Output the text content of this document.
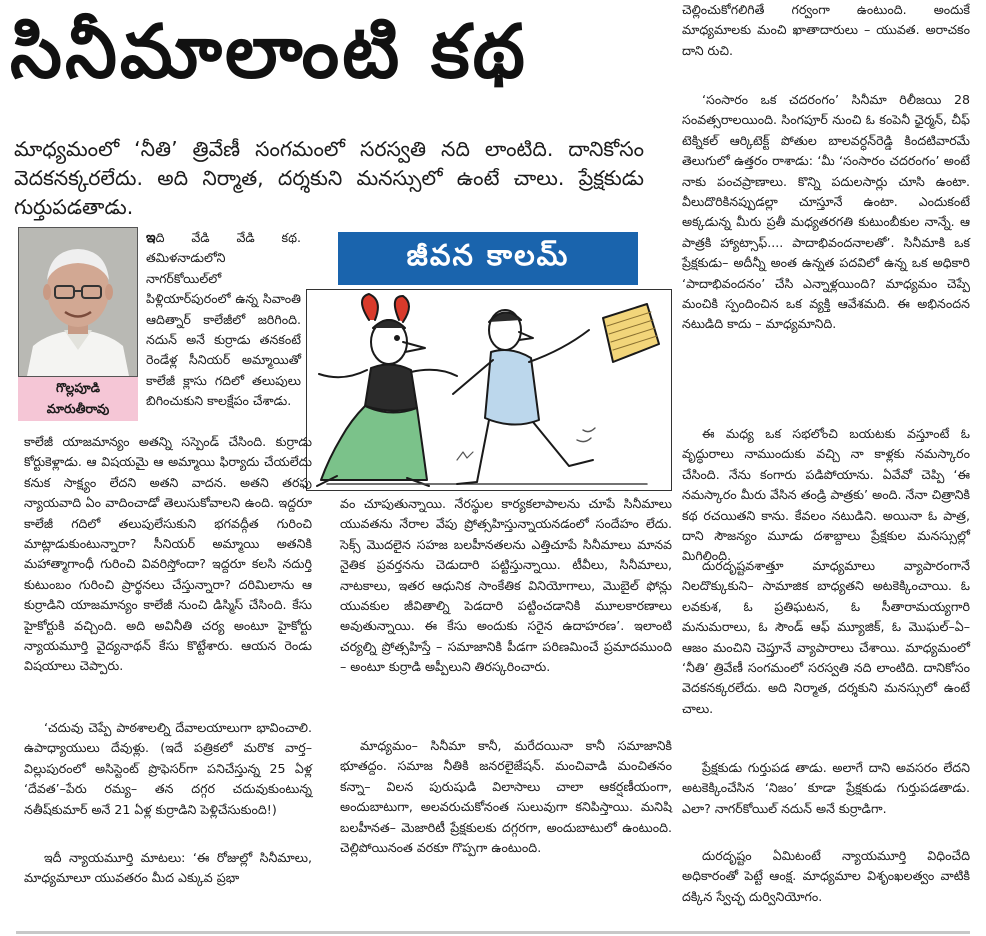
సినీమాలాంటి కథ

మాధ్యమంలో ‘నీతి’ త్రివేణీ సంగమంలో సరస్వతి నది లాంటిది. దానికోసం వెదకనక్కరలేదు. అది నిర్మాత, దర్శకుని మనస్సులో ఉంటే చాలు. ప్రేక్షకుడు గుర్తుపడతాడు.

గొల్లపూడి
మారుతీరావు
జీవన కాలమ్

ఇ ది వేడి వేడి కథ. తమిళనాడులోని నాగర్‌కోయిల్‌లో పిళ్లియార్‌పురంలో ఉన్న సివాంతి ఆదిత్నార్ కాలేజీలో జరిగింది. నదున్ అనే కుర్రాడు తనకంటే రెండేళ్ల సీనియర్ అమ్మాయితో కాలేజీ క్లాసు గదిలో తలుపులు బిగించుకుని కాలక్షేపం చేశాడు.

కాలేజీ యాజమాన్యం అతన్ని సస్పెండ్ చేసింది. కుర్రాడు కోర్టుకెళ్లాడు. ఆ విషయమై ఆ అమ్మాయి ఫిర్యాదు చేయలేదు కనుక సాక్ష్యం లేదని అతని వాదన. అతని తరఫు న్యాయవాది ఏం వాదించాడో తెలుసుకోవాలని ఉంది. ఇద్దరూ కాలేజీ గదిలో తలుపులేసుకుని భగవద్గీత గురించి మాట్లాడుకుంటున్నారా? సీనియర్ అమ్మాయి అతనికి మహాత్మాగాంధీ గురించి వివరిస్తోందా? ఇద్దరూ కలసి నదుర్తి కుటుంబం గురించి ప్రార్థనలు చేస్తున్నారా? దరిమిలాను ఆ కుర్రాడిని యాజమాన్యం కాలేజీ నుంచి డిస్మిస్ చేసింది. కేసు హైకోర్టుకి వచ్చింది. అది అవినీతి చర్య అంటూ హైకోర్టు న్యాయమూర్తి వైద్యనాథన్ కేసు కొట్టేశారు. ఆయన రెండు విషయాలు చెప్పారు.

‘చదువు చెప్పే పాఠశాలల్ని దేవాలయాలుగా భావించాలి. ఉపాధ్యాయులు దేవుళ్లు. (ఇదే పత్రికలో మరొక వార్త– విల్లుపురంలో అసిస్టెంట్ ప్రొఫెసర్‌గా పనిచేస్తున్న 25 ఏళ్ల ‘దేవత’–పేరు రమ్య– తన దగ్గర చదువుకుంటున్న నతీష్‌కుమార్ అనే 21 ఏళ్ల కుర్రాడిని పెళ్లిచేసుకుంది!)

ఇదీ న్యాయమూర్తి మాటలు: ‘ఈ రోజుల్లో సినీమాలు, మాధ్యమాలూ యువతరం మీద ఎక్కువ ప్రభా

వం చూపుతున్నాయి. నేరస్థుల కార్యకలాపాలను చూపే సినీమాలు యువతను నేరాల వేపు ప్రోత్సహిస్తున్నాయనడంలో సందేహం లేదు. సెక్స్ మొదలైన సహజ బలహీనతలను ఎత్తిచూపే సినీమాలు మానవ నైతిక ప్రవర్తనను చెడుదారి పట్టిస్తున్నాయి. టీవీలు, సినీమాలు, నాటకాలు, ఇతర ఆధునిక సాంకేతిక వినియోగాలు, మొబైల్ ఫోన్లు యువకుల జీవితాల్ని పెడదారి పట్టించడానికి మూలకారణాలు అవుతున్నాయి. ఈ కేసు అందుకు సరైన ఉదాహరణ’. ఇలాంటి చర్యల్ని ప్రోత్సహిస్తే – సమాజానికి పీడగా పరిణమించే ప్రమాదముంది – అంటూ కుర్రాడి అప్పీలుని తిరస్కరించారు.

మాధ్యమం– సినీమా కానీ, మరేదయినా కానీ సమాజానికి భూతద్దం. సమాజ నీతికి జనరలైజేషన్. మంచివాడి మంచితనం కన్నా– విలన పురుషుడి విలాసాలు చాలా ఆకర్షణీయంగా, అందుబాటుగా, అలవరుచుకోనంత సులువుగా కనిపిస్తాయి. మనిషి బలహీనత– మెజారిటీ ప్రేక్షకులకు దగ్గరగా, అందుబాటులో ఉంటుంది. చెల్లిపోయినంత వరకూ గొప్పగా ఉంటుంది.

చెల్లించుకోగలిగితే గర్వంగా ఉంటుంది. అందుకే మాధ్యమాలకు మంచి ఖాతాదారులు – యువత. అరాచకం దాని రుచి.

‘సంసారం ఒక చదరంగం’ సినీమా రిలీజయి 28 సంవత్సరాలయింది. సింగపూర్ నుంచి ఓ కంపెనీ ఛైర్మన్, చీఫ్ టెక్నికల్ ఆర్కిటెక్ట్ పోతుల బాలవర్ధన్‌రెడ్డి కిందటివారమే తెలుగులో ఉత్తరం రాశాడు: ‘మీ ‘సంసారం చదరంగం’ అంటే నాకు పంచప్రాణాలు. కొన్ని పదులసార్లు చూసి ఉంటా. వీలుదొరికినప్పుడల్లా చూస్తూనే ఉంటా. ఎందుకంటే అక్కడున్న మీరు ప్రతీ మధ్యతరగతి కుటుంబీకుల నాన్నే. ఆ పాత్రకి హ్యాట్సాఫ్.... పాదాభివందనాలతో’. సినీమాకి ఒక ప్రేక్షకుడు– అదీన్నీ అంత ఉన్నత పదవిలో ఉన్న ఒక అధికారి ‘పాదాభివందనం’ చేసి ఎన్నాళ్లయింది? మాధ్యమం చెప్పే మంచికి స్పందించిన ఒక వ్యక్తి ఆవేశమది. ఈ అభినందన నటుడిది కాదు – మాధ్యమానిది.

ఈ మధ్య ఒక సభలోంచి బయటకు వస్తూంటే ఓ వృద్ధురాలు నాముందుకు వచ్చి నా కాళ్లకు నమస్కారం చేసింది. నేను కంగారు పడిపోయాను. ఏవేవో చెప్పి ‘ఈ నమస్కారం మీరు వేసిన తండ్రి పాత్రకు’ అంది. నేనా చిత్రానికి కథ రచయితని కాను. కేవలం నటుడిని. అయినా ఓ పాత్ర, దాని సౌజన్యం మూడు దశాబ్దాలు ప్రేక్షకుల మనస్సుల్లో మిగిలింది.

దురదృష్టవశాత్తూ మాధ్యమాలు వ్యాపారంగానే నిలదొక్కుకుని– సామాజిక బాధ్యతని అటకెక్కించాయి. ఓ లవకుశ, ఓ ప్రతిఘటన, ఓ సీతారామయ్యగారి మనుమరాలు, ఓ సౌండ్ ఆఫ్ మ్యూజిక్, ఓ మొఘల్–ఏ–ఆజం మంచిని చెప్తూనే వ్యాపారాలు చేశాయి. మాధ్యమంలో ‘నీతి’ త్రివేణీ సంగమంలో సరస్వతి నది లాంటిది. దానికోసం వెదకనక్కరలేదు. అది నిర్మాత, దర్శకుని మనస్సులో ఉంటే చాలు.

ప్రేక్షకుడు గుర్తుపడ తాడు. అలాగే దాని అవసరం లేదని అటకెక్కించేసిన ‘నిజం’ కూడా ప్రేక్షకుడు గుర్తుపడతాడు. ఎలా? నాగర్‌కోయిల్ నదున్ అనే కుర్రాడిగా.

దురదృష్టం ఏమిటంటే న్యాయమూర్తి విధించేది అధికారంతో పెట్టే ఆంక్ష. మాధ్యమాల విశృంఖలత్వం వాటికి దక్కిన స్వేచ్ఛ దుర్వినియోగం.
